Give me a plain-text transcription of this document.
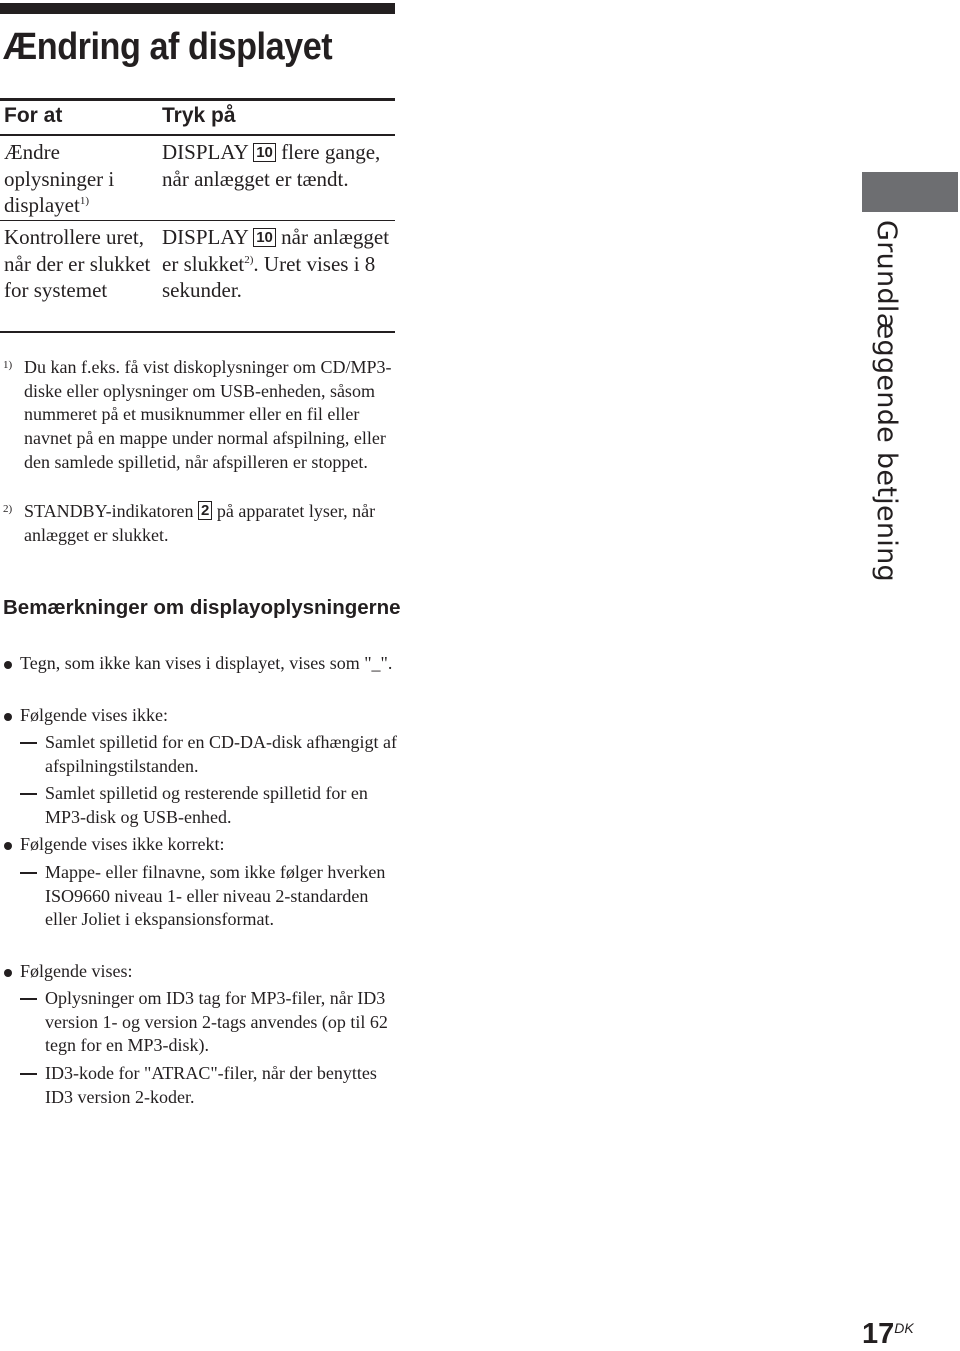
Ændring af displayet
For at	Tryk på
Ændre oplysninger i displayet$^{1)}$
DISPLAY 10 flere gange, når anlægget er tændt.
Kontrollere uret, når der er slukket for systemet
DISPLAY 10 når anlægget er slukket$^{2)}$. Uret vises i 8 sekunder.
1) Du kan f.eks. få vist diskoplysninger om CD/MP3-diske eller oplysninger om USB-enheden, såsom nummeret på et musiknummer eller en fil eller navnet på en mappe under normal afspilning, eller den samlede spilletid, når afspilleren er stoppet.
2) STANDBY-indikatoren 2 på apparatet lyser, når anlægget er slukket.	Grundlæggende betjening
Bemærkninger om displayoplysningerne
Tegn, som ikke kan vises i displayet, vises som "_".
Følgende vises ikke:
Samlet spilletid for en CD-DA-disk afhængigt af afspilningstilstanden.
Samlet spilletid og resterende spilletid for en MP3-disk og USB-enhed.
Følgende vises ikke korrekt:
Mappe- eller filnavne, som ikke følger hverken ISO9660 niveau 1- eller niveau 2-standarden eller Joliet i ekspansionsformat.
Følgende vises:
Oplysninger om ID3 tag for MP3-filer, når ID3 version 1- og version 2-tags anvendes (op til 62 tegn for en MP3-disk).
ID3-kode for "ATRAC"-filer, når der benyttes ID3 version 2-koder.
$17^{DK}$
